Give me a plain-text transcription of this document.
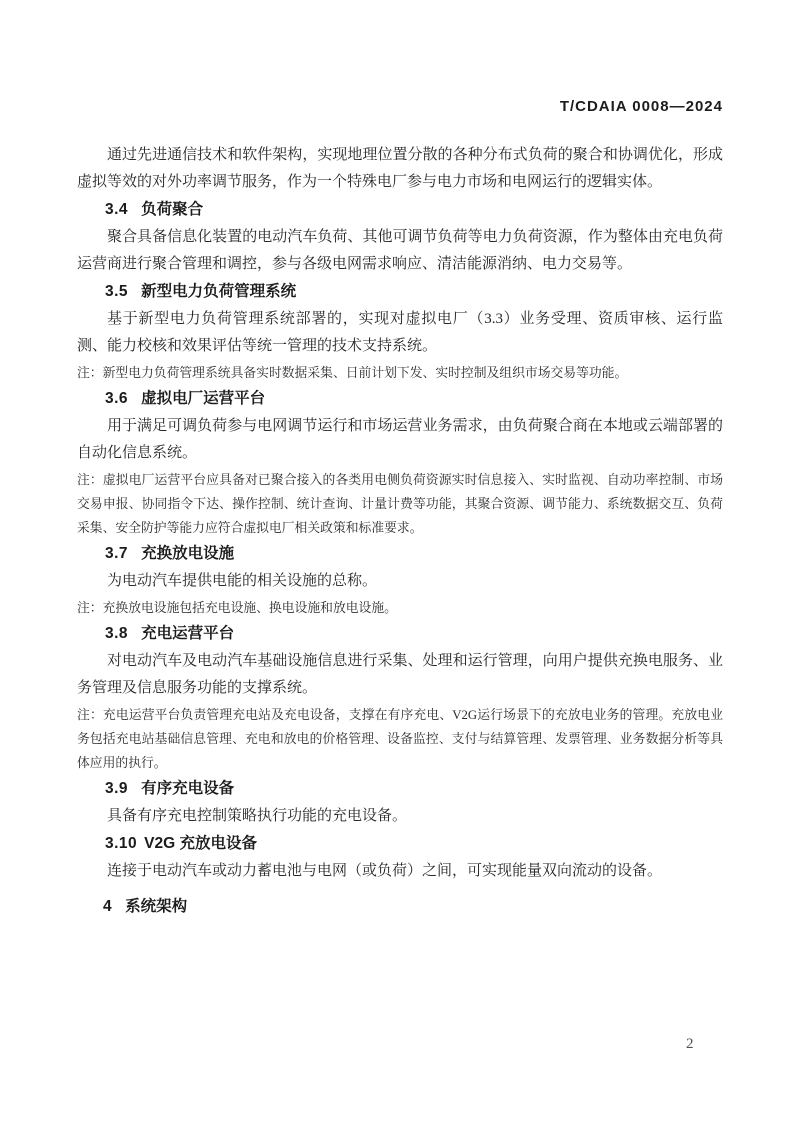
T/CDAIA 0008—2024

通过先进通信技术和软件架构，实现地理位置分散的各种分布式负荷的聚合和协调优化，形成虚拟等效的对外功率调节服务，作为一个特殊电厂参与电力市场和电网运行的逻辑实体。

3.4 负荷聚合

聚合具备信息化装置的电动汽车负荷、其他可调节负荷等电力负荷资源，作为整体由充电负荷运营商进行聚合管理和调控，参与各级电网需求响应、清洁能源消纳、电力交易等。

3.5 新型电力负荷管理系统

基于新型电力负荷管理系统部署的，实现对虚拟电厂（3.3）业务受理、资质审核、运行监测、能力校核和效果评估等统一管理的技术支持系统。

注：新型电力负荷管理系统具备实时数据采集、日前计划下发、实时控制及组织市场交易等功能。

3.6 虚拟电厂运营平台

用于满足可调负荷参与电网调节运行和市场运营业务需求，由负荷聚合商在本地或云端部署的自动化信息系统。

注：虚拟电厂运营平台应具备对已聚合接入的各类用电侧负荷资源实时信息接入、实时监视、自动功率控制、市场交易申报、协同指令下达、操作控制、统计查询、计量计费等功能，其聚合资源、调节能力、系统数据交互、负荷采集、安全防护等能力应符合虚拟电厂相关政策和标准要求。

3.7 充换放电设施

为电动汽车提供电能的相关设施的总称。

注：充换放电设施包括充电设施、换电设施和放电设施。

3.8 充电运营平台

对电动汽车及电动汽车基础设施信息进行采集、处理和运行管理，向用户提供充换电服务、业务管理及信息服务功能的支撑系统。

注：充电运营平台负责管理充电站及充电设备，支撑在有序充电、V2G运行场景下的充放电业务的管理。充放电业务包括充电站基础信息管理、充电和放电的价格管理、设备监控、支付与结算管理、发票管理、业务数据分析等具体应用的执行。

3.9 有序充电设备

具备有序充电控制策略执行功能的充电设备。

3.10 V2G 充放电设备

连接于电动汽车或动力蓄电池与电网（或负荷）之间，可实现能量双向流动的设备。

4 系统架构
2
